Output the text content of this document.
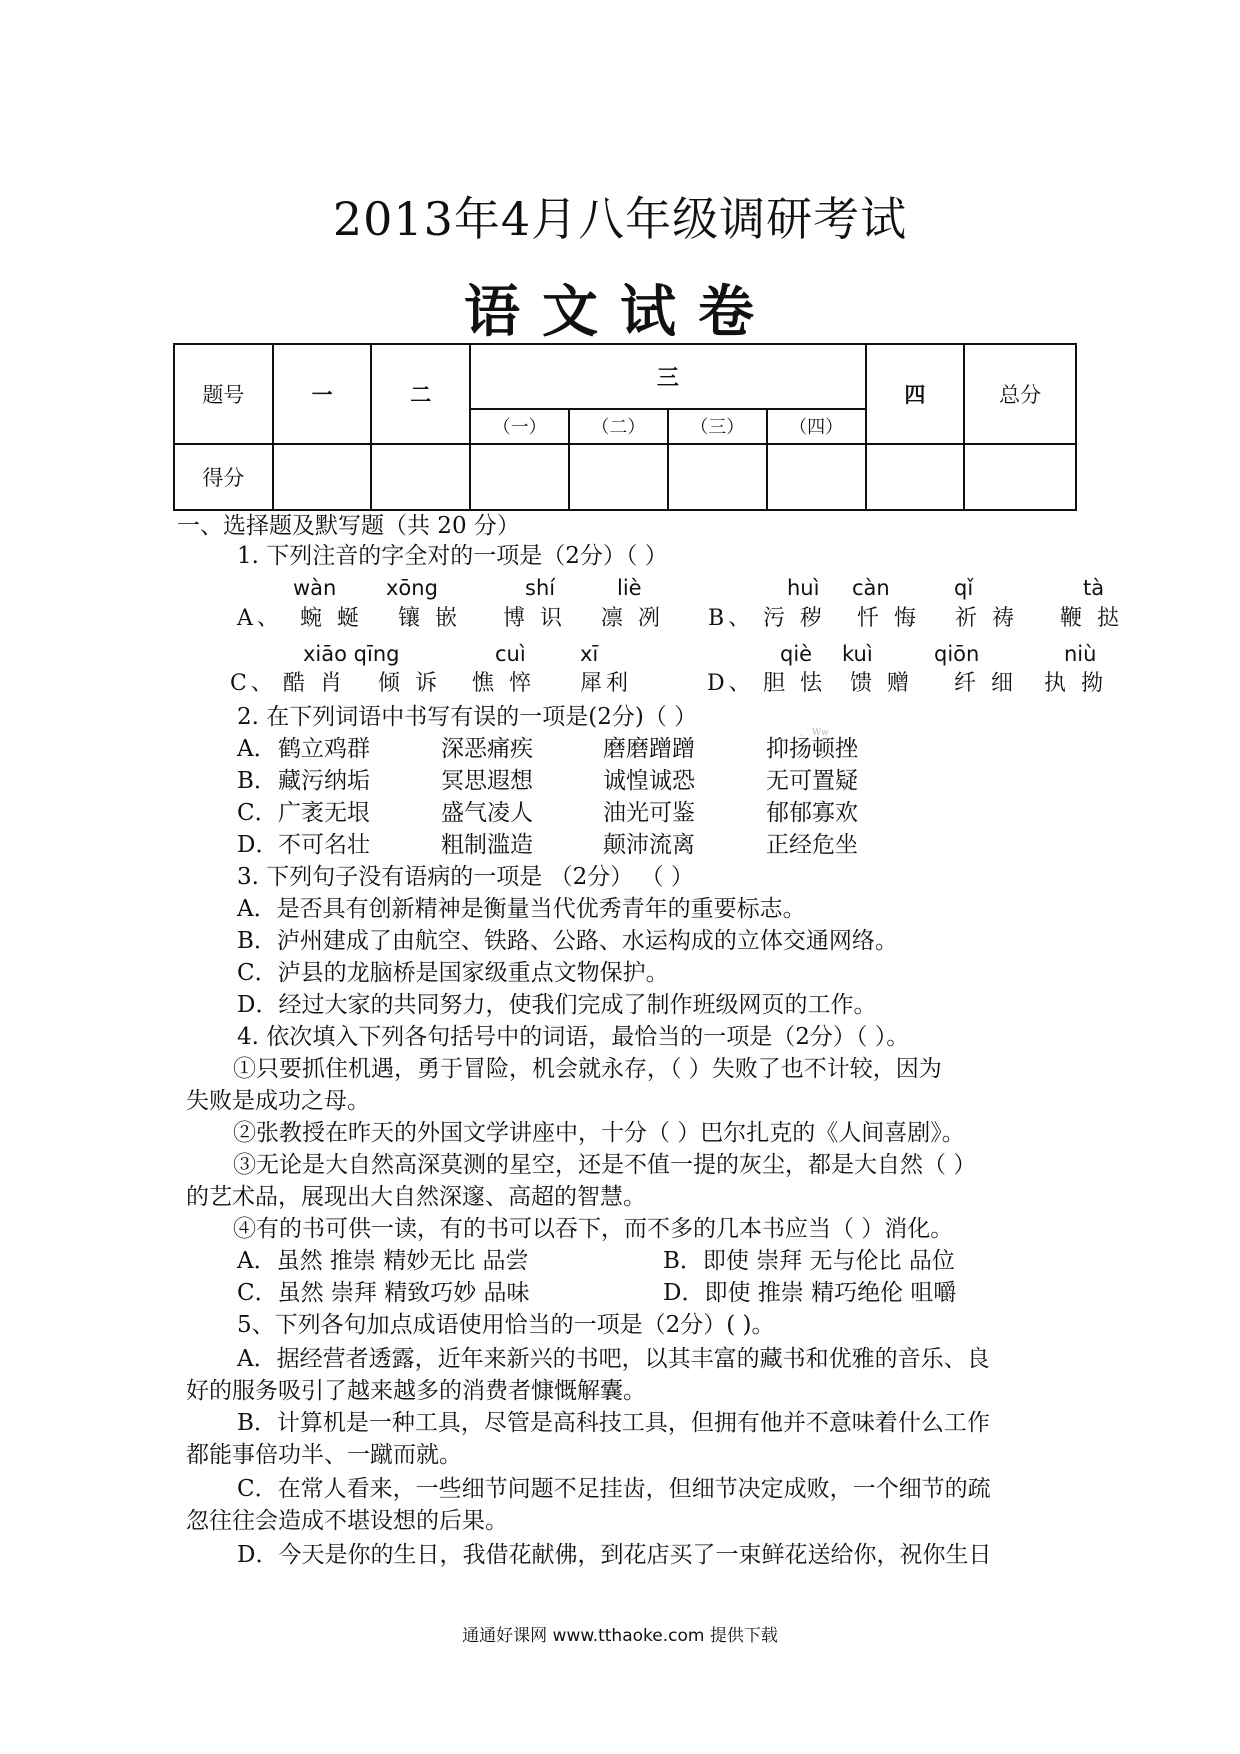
2013年4月八年级调研考试
语文试卷
题号	一	二	三				四	总分
			（一）	（二）	（三）	（四）		
得分								
一、选择题及默写题（共 20 分）
1. 下列注音的字全对的一项是（2分）（ ）
wàn xōng	shí	liè	huì càn	qǐ	tà
A、 蜿 蜒 镶 嵌 博 识 凛 冽 B、 污 秽 忏 悔 祈 祷 鞭 挞
xiāo qīng	cuì	xī	qiè kuì	qiōn	niù
C、 酷 肖 倾 诉 憔 悴 犀利	D、 胆 怯 馈 赠 纤 细 执 拗
2. 在下列词语中书写有误的一项是(2分)（ ）
。 Ww
A． 鹤立鸡群	深恶痛疾	磨磨蹭蹭	抑扬顿挫
B． 藏污纳垢	冥思遐想	诚惶诚恐	无可置疑
C． 广袤无垠	盛气凌人	油光可鉴	郁郁寡欢
D． 不可名壮	粗制滥造	颠沛流离	正经危坐
3. 下列句子没有语病的一项是 （2分） （ ）
A．是否具有创新精神是衡量当代优秀青年的重要标志。
B．泸州建成了由航空、铁路、公路、水运构成的立体交通网络。
C．泸县的龙脑桥是国家级重点文物保护。
D．经过大家的共同努力，使我们完成了制作班级网页的工作。
4. 依次填入下列各句括号中的词语，最恰当的一项是（2分）（ ）。
①只要抓住机遇，勇于冒险，机会就永存，（ ）失败了也不计较，因为
失败是成功之母。
②张教授在昨天的外国文学讲座中，十分（ ）巴尔扎克的《人间喜剧》。
③无论是大自然高深莫测的星空，还是不值一提的灰尘，都是大自然（ ）
的艺术品，展现出大自然深邃、高超的智慧。
④有的书可供一读，有的书可以吞下，而不多的几本书应当（ ）消化。
A．虽然 推崇 精妙无比 品尝	B．即使 崇拜 无与伦比 品位
C．虽然 崇拜 精致巧妙 品味	D．即使 推崇 精巧绝伦 咀嚼
5、下列各句加点成语使用恰当的一项是（2分）( )。
A．据经营者透露，近年来新兴的书吧，以其丰富的藏书和优雅的音乐、良
好的服务吸引了越来越多的消费者慷慨解囊。
B．计算机是一种工具，尽管是高科技工具，但拥有他并不意味着什么工作
都能事倍功半、一蹴而就。
C．在常人看来，一些细节问题不足挂齿，但细节决定成败，一个细节的疏
忽往往会造成不堪设想的后果。
D．今天是你的生日，我借花献佛，到花店买了一束鲜花送给你，祝你生日
通通好课网 www.tthaoke.com 提供下载
